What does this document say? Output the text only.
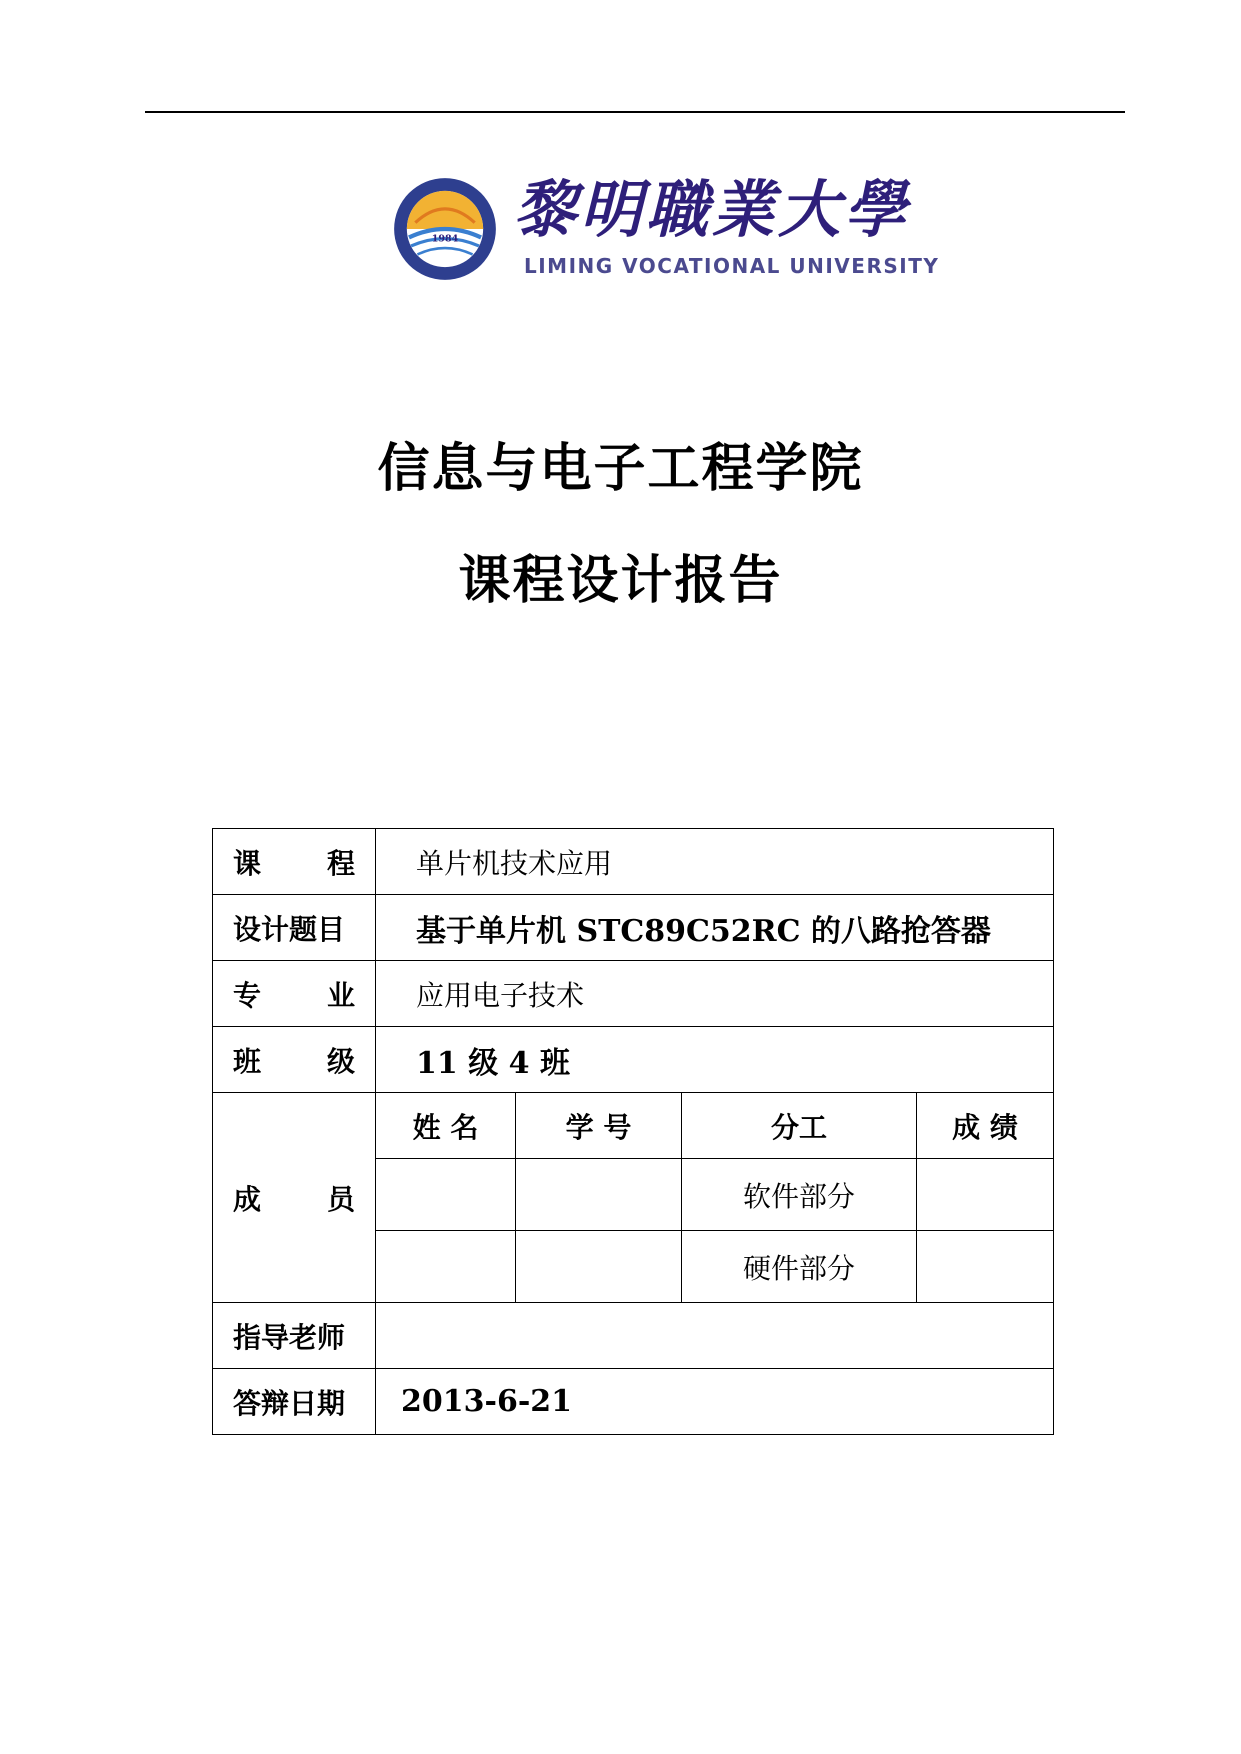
1984 黎明職業大學
LIMING VOCATIONAL UNIVERSITY
信息与电子工程学院
课程设计报告
课 程	单片机技术应用			
设计题目	基于单片机 STC89C52RC 的八路抢答器			

专 业	应用电子技术			

班 级	11 级 4 班			

成 员	姓 名	学 号	分工	成 绩
			软件部分	
			硬件部分	
指导老师				
答辩日期	2013-6-21			
